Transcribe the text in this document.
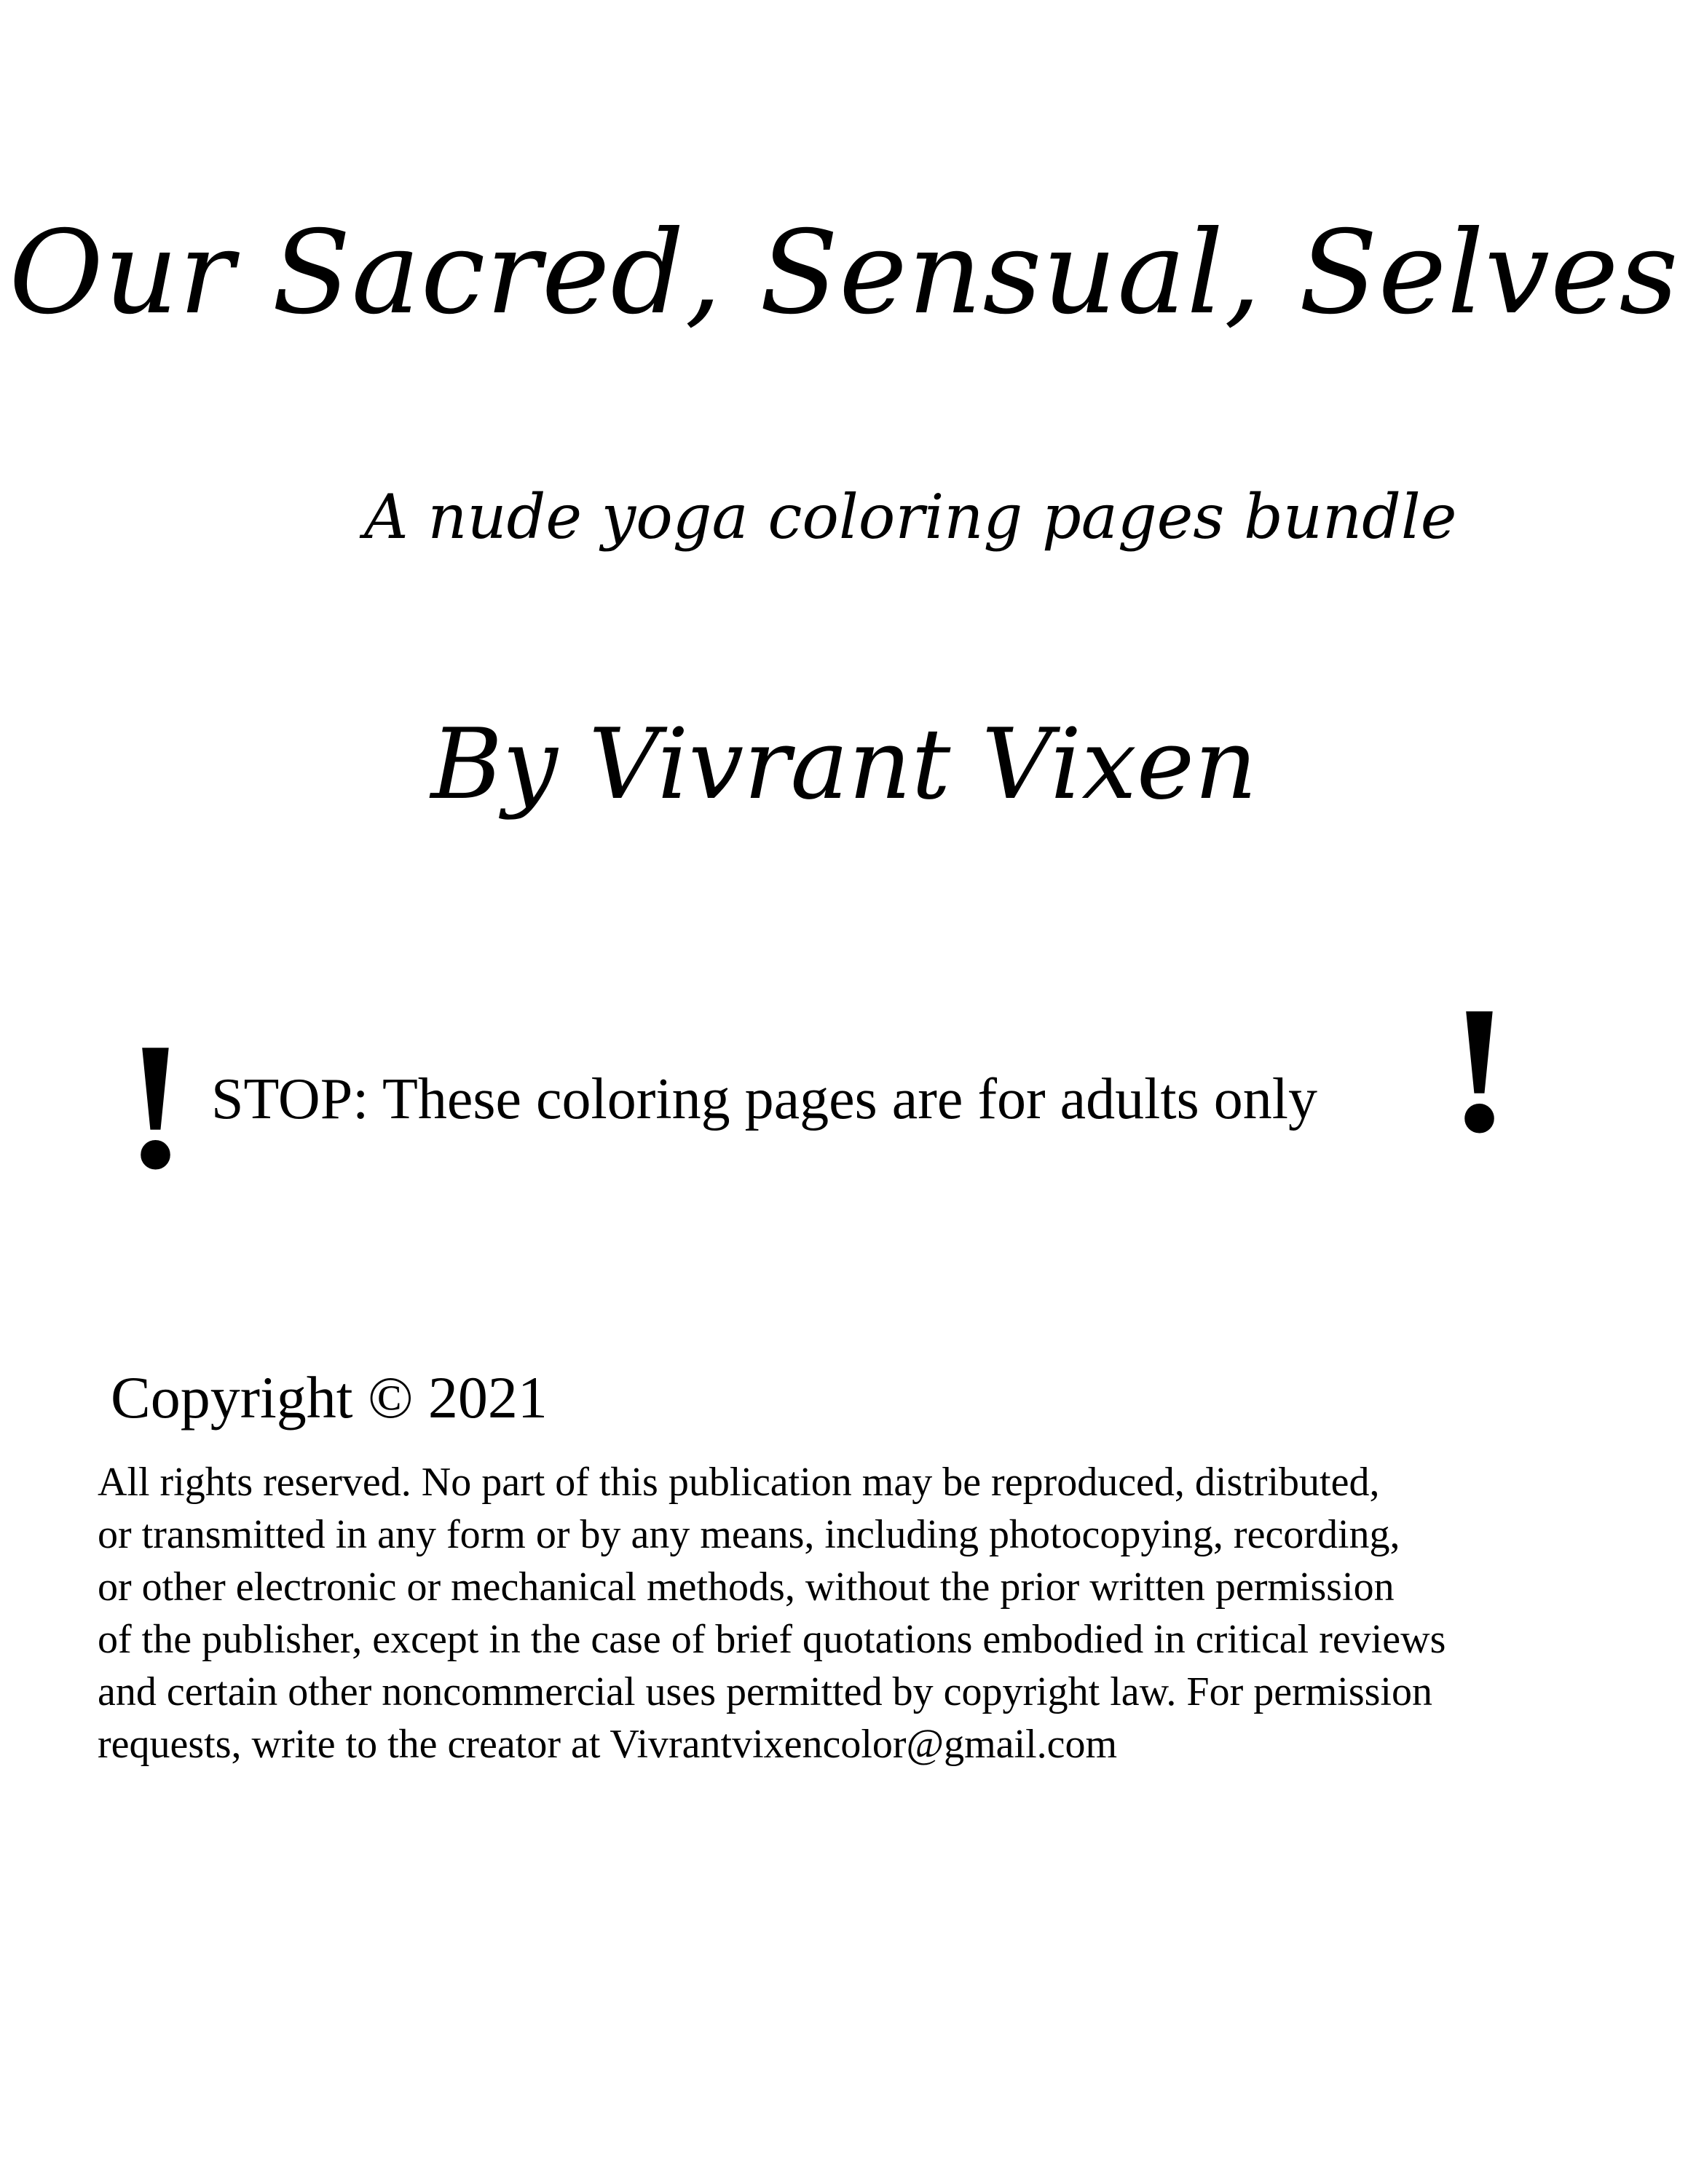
Our Sacred, Sensual, Selves
A nude yoga coloring pages bundle
By Vivrant Vixen
! STOP: These coloring pages are for adults only !
Copyright © 2021
All rights reserved. No part of this publication may be reproduced, distributed,
or transmitted in any form or by any means, including photocopying, recording,
or other electronic or mechanical methods, without the prior written permission
of the publisher, except in the case of brief quotations embodied in critical reviews
and certain other noncommercial uses permitted by copyright law. For permission
requests, write to the creator at Vivrantvixencolor@gmail.com
